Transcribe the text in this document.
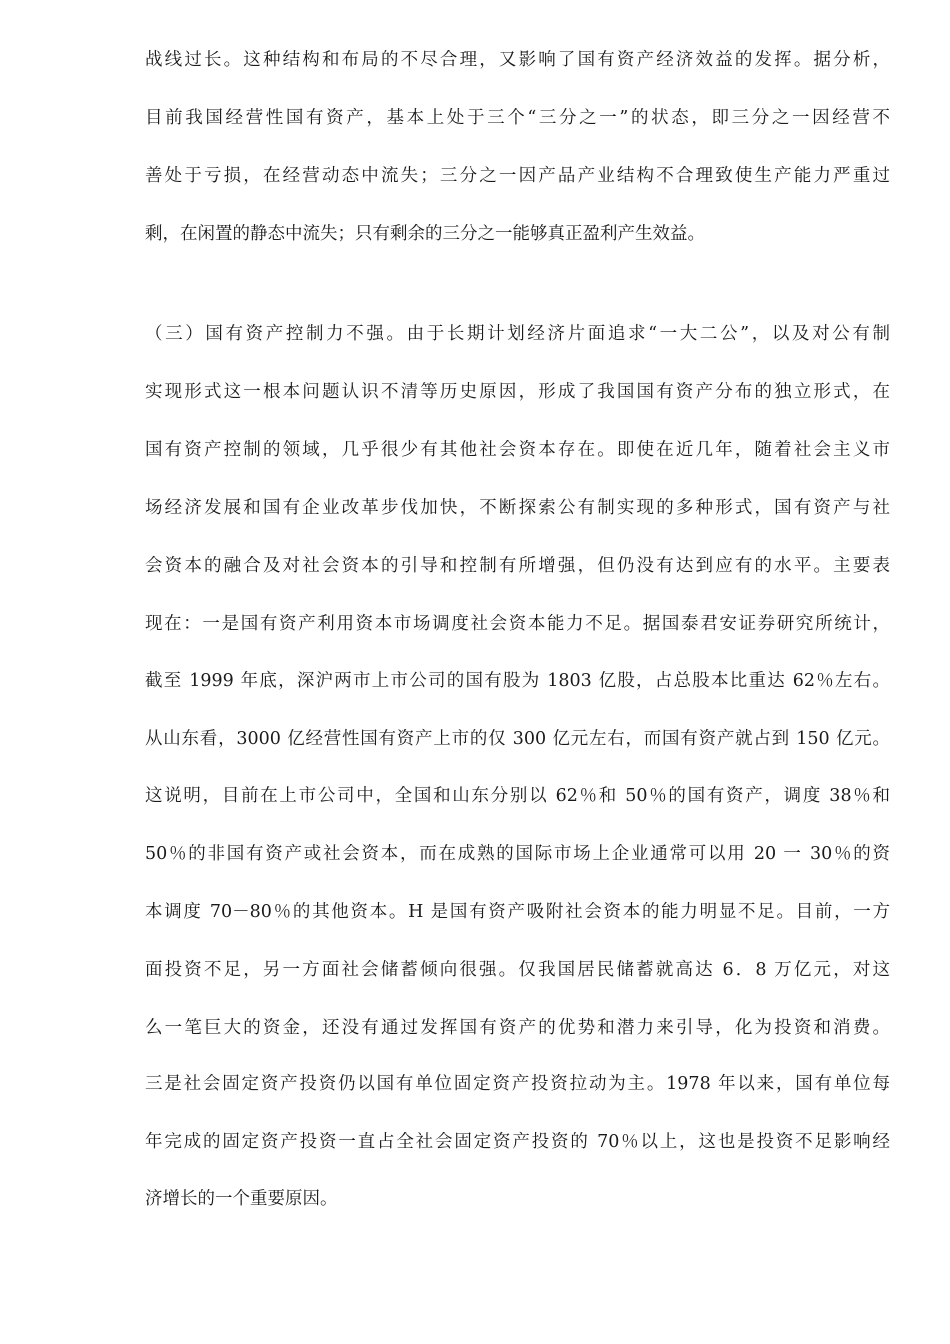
战线过长。这种结构和布局的不尽合理，又影响了国有资产经济效益的发挥。据分析，
目前我国经营性国有资产，基本上处于三个“三分之一”的状态，即三分之一因经营不
善处于亏损，在经营动态中流失；三分之一因产品产业结构不合理致使生产能力严重过
剩，在闲置的静态中流失；只有剩余的三分之一能够真正盈利产生效益。
（三）国有资产控制力不强。由于长期计划经济片面追求“一大二公”，以及对公有制
实现形式这一根本问题认识不清等历史原因，形成了我国国有资产分布的独立形式，在
国有资产控制的领域，几乎很少有其他社会资本存在。即使在近几年，随着社会主义市
场经济发展和国有企业改革步伐加快，不断探索公有制实现的多种形式，国有资产与社
会资本的融合及对社会资本的引导和控制有所增强，但仍没有达到应有的水平。主要表
现在：一是国有资产利用资本市场调度社会资本能力不足。据国泰君安证券研究所统计，
截至 1999 年底，深沪两市上市公司的国有股为 1803 亿股，占总股本比重达 62％左右。
从山东看，3000 亿经营性国有资产上市的仅 300 亿元左右，而国有资产就占到 150 亿元。
这说明，目前在上市公司中，全国和山东分别以 62％和 50％的国有资产，调度 38％和
50％的非国有资产或社会资本，而在成熟的国际市场上企业通常可以用 20 一 30％的资
本调度 70－80％的其他资本。H 是国有资产吸附社会资本的能力明显不足。目前，一方
面投资不足，另一方面社会储蓄倾向很强。仅我国居民储蓄就高达 6．8 万亿元，对这
么一笔巨大的资金，还没有通过发挥国有资产的优势和潜力来引导，化为投资和消费。
三是社会固定资产投资仍以国有单位固定资产投资拉动为主。1978 年以来，国有单位每
年完成的固定资产投资一直占全社会固定资产投资的 70％以上，这也是投资不足影响经
济增长的一个重要原因。
